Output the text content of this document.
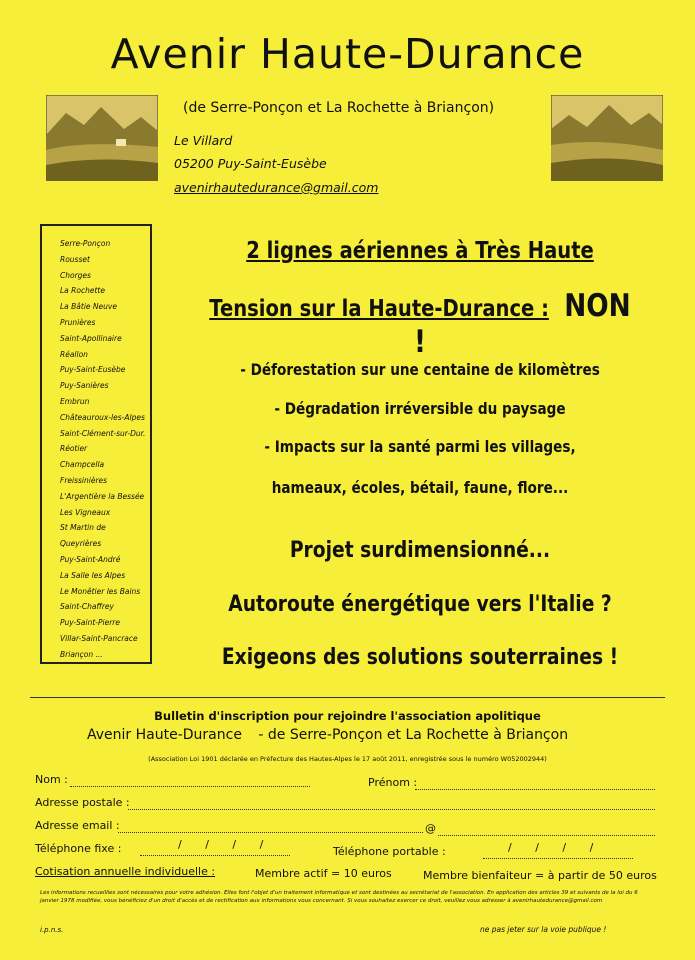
Avenir Haute-Durance
(de Serre-Ponçon et La Rochette à Briançon)
Le Villard
05200 Puy-Saint-Eusèbe
avenirhautedurance@gmail.com
Serre-Ponçon
Rousset
Chorges
La Rochette
La Bâtie Neuve
Prunières
Saint-Apollinaire
Réallon
Puy-Saint-Eusèbe
Puy-Sanières
Embrun
Châteauroux-les-Alpes
Saint-Clément-sur-Dur.
Réotier
Champcella
Freissinières
L'Argentière la Bessée
Les Vigneaux
St Martin de
Queyrières
Puy-Saint-André
La Salle les Alpes
Le Monêtier les Bains
Saint-Chaffrey
Puy-Saint-Pierre
Villar-Saint-Pancrace
Briançon ...
2 lignes aériennes à Très Haute
Tension sur la Haute-Durance : NON !
- Déforestation sur une centaine de kilomètres
- Dégradation irréversible du paysage
- Impacts sur la santé parmi les villages,
hameaux, écoles, bétail, faune, flore...
Projet surdimensionné...
Autoroute énergétique vers l'Italie ?
Exigeons des solutions souterraines !
Bulletin d'inscription pour rejoindre l'association apolitique
Avenir Haute-Durance - de Serre-Ponçon et La Rochette à Briançon
(Association Loi 1901 déclarée en Préfecture des Hautes-Alpes le 17 août 2011, enregistrée sous le numéro W052002944)
Nom :	Prénom :
Adresse postale :
Adresse email :	@
Téléphone fixe :	/ / / /
Téléphone portable :	/ / / /
Cotisation annuelle individuelle :	Membre actif = 10 euros	Membre bienfaiteur = à partir de 50 euros
Les informations recueillies sont nécessaires pour votre adhésion. Elles font l'objet d'un traitement informatique et sont destinées au secrétariat de l'association. En application des articles 39 et suivants de la loi du 6 janvier 1978 modifiée, vous bénéficiez d'un droit d'accès et de rectification aux informations vous concernant. Si vous souhaitez exercer ce droit, veuillez vous adresser à avenirhautedurance@gmail.com
i.p.n.s.	ne pas jeter sur la voie publique !
